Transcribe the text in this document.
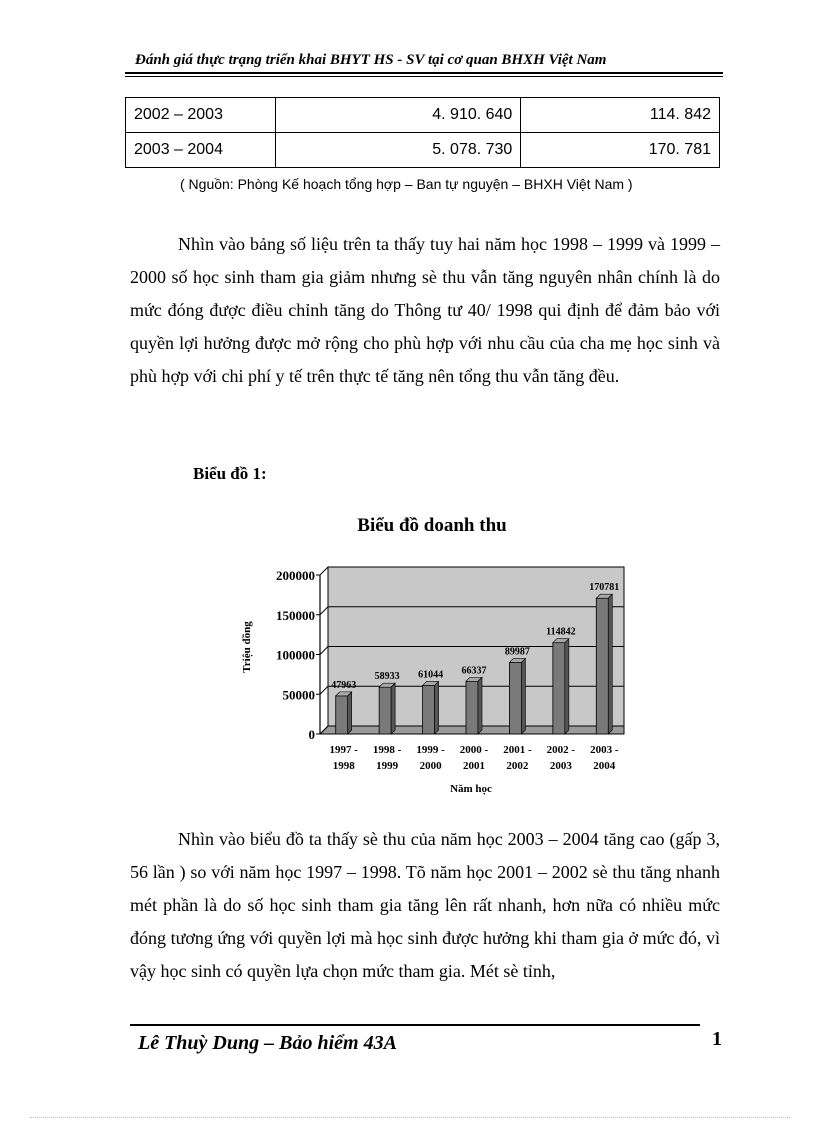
Đánh giá thực trạng triển khai BHYT HS - SV tại cơ quan BHXH Việt Nam
2002 – 2003	4. 910. 640	114. 842
2003 – 2004	5. 078. 730	170. 781
( Nguồn: Phòng Kế hoạch tổng hợp – Ban tự nguyện – BHXH Việt Nam )
Nhìn vào bảng số liệu trên ta thấy tuy hai năm học 1998 – 1999 và 1999 – 2000 số học sinh tham gia giảm nhưng sè thu vẫn tăng nguyên nhân chính là do mức đóng được điều chỉnh tăng do Thông tư 40/ 1998 qui định để đảm bảo với quyền lợi hưởng được mở rộng cho phù hợp với nhu cầu của cha mẹ học sinh và phù hợp với chi phí y tế trên thực tế tăng nên tổng thu vẫn tăng đều.
Biểu đồ 1:
Biểu đồ doanh thu
Triệu đồng
Năm học
0
50000
100000
150000
200000
47963
1997 -
1998
58933
1998 -
1999
61044
1999 -
2000
66337
2000 -
2001
89987
2001 -
2002
114842
2002 -
2003
170781
2003 -
2004
Nhìn vào biểu đồ ta thấy sè thu của năm học 2003 – 2004 tăng cao (gấp 3, 56 lần ) so với năm học 1997 – 1998. Tõ năm học 2001 – 2002 sè thu tăng nhanh mét phần là do số học sinh tham gia tăng lên rất nhanh, hơn nữa có nhiều mức đóng tương ứng với quyền lợi mà học sinh được hưởng khi tham gia ở mức đó, vì vậy học sinh có quyền lựa chọn mức tham gia. Mét sè tỉnh,
Lê Thuỳ Dung – Bảo hiểm 43A	1
